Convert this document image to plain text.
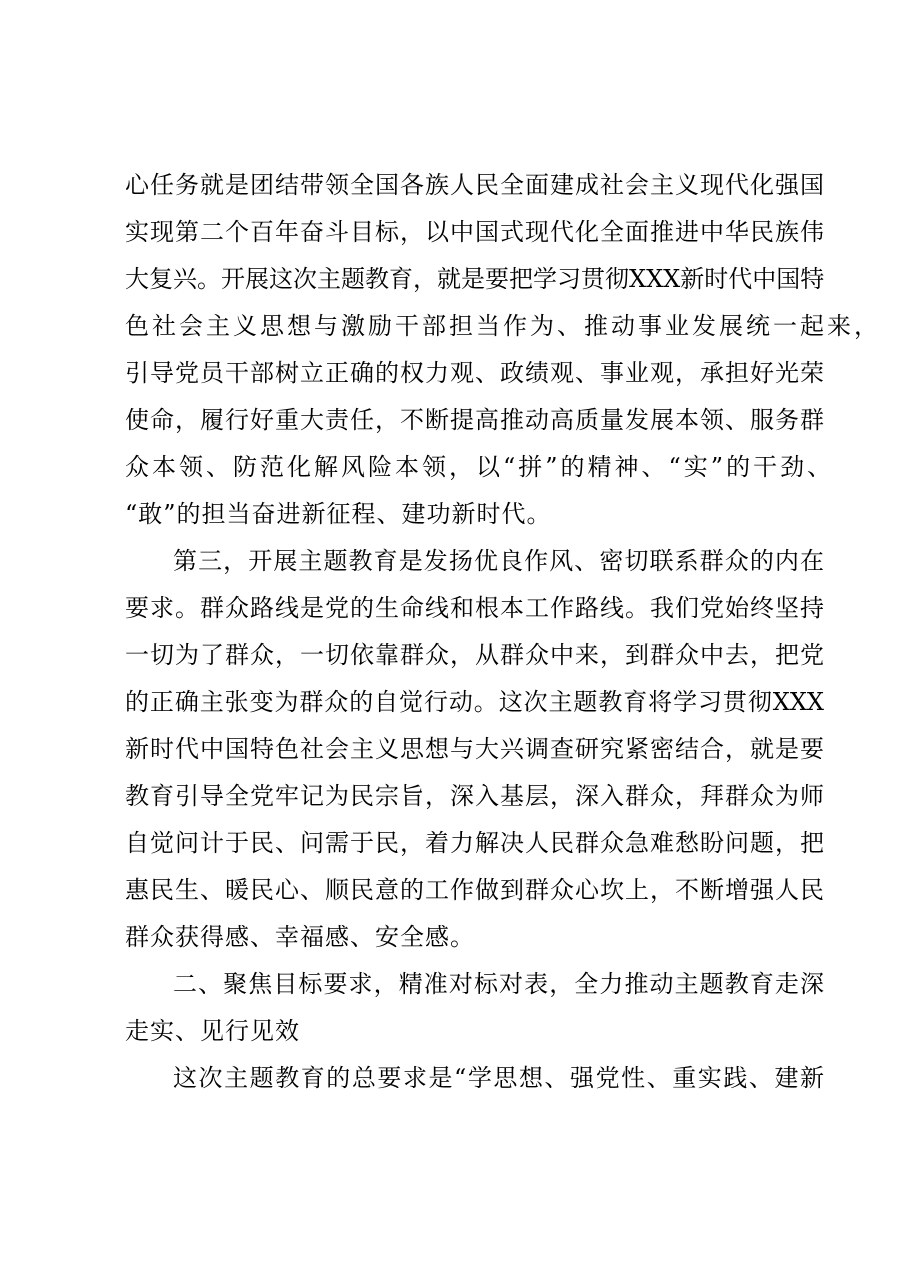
心任务就是团结带领全国各族人民全面建成社会主义现代化强国

实现第二个百年奋斗目标，以中国式现代化全面推进中华民族伟

大复兴。开展这次主题教育，就是要把学习贯彻XXX新时代中国特

色社会主义思想与激励干部担当作为、推动事业发展统一起来，

引导党员干部树立正确的权力观、政绩观、事业观，承担好光荣

使命，履行好重大责任，不断提高推动高质量发展本领、服务群

众本领、防范化解风险本领，以“拼”的精神、“实”的干劲、

“敢”的担当奋进新征程、建功新时代。

第三，开展主题教育是发扬优良作风、密切联系群众的内在

要求。群众路线是党的生命线和根本工作路线。我们党始终坚持

一切为了群众，一切依靠群众，从群众中来，到群众中去，把党

的正确主张变为群众的自觉行动。这次主题教育将学习贯彻XXX

新时代中国特色社会主义思想与大兴调查研究紧密结合，就是要

教育引导全党牢记为民宗旨，深入基层，深入群众，拜群众为师

自觉问计于民、问需于民，着力解决人民群众急难愁盼问题，把

惠民生、暖民心、顺民意的工作做到群众心坎上，不断增强人民

群众获得感、幸福感、安全感。

二、聚焦目标要求，精准对标对表，全力推动主题教育走深

走实、见行见效

这次主题教育的总要求是“学思想、强党性、重实践、建新
